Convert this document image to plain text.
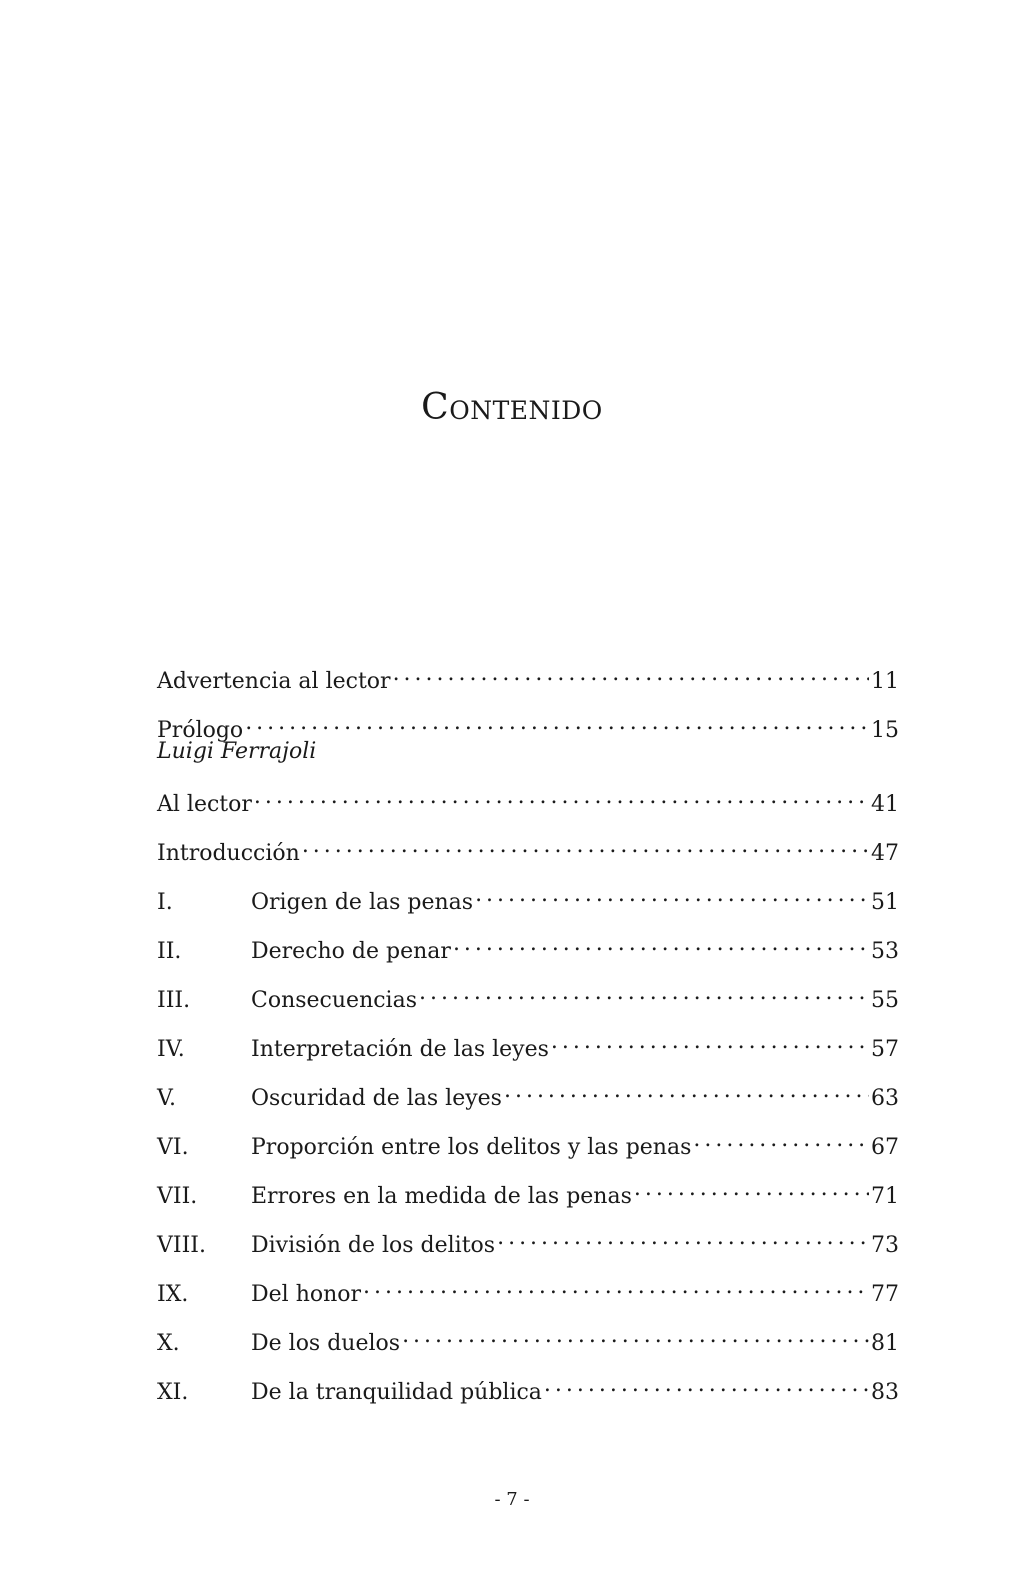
Contenido
Advertencia al lector . . .	11
Prólogo . . .	15
Luigi Ferrajoli
Al lector . . .	41
Introducción . . .	47
I.	Origen de las penas . . .	51
II.	Derecho de penar . . .	53
III.	Consecuencias . . .	55
IV.	Interpretación de las leyes . . .	57
V.	Oscuridad de las leyes . . .	63
VI.	Proporción entre los delitos y las penas . . .	67
VII.	Errores en la medida de las penas . . .	71
VIII.	División de los delitos . . .	73
IX.	Del honor . . .	77
X.	De los duelos . . .	81
XI.	De la tranquilidad pública . . .	83
- 7 -
